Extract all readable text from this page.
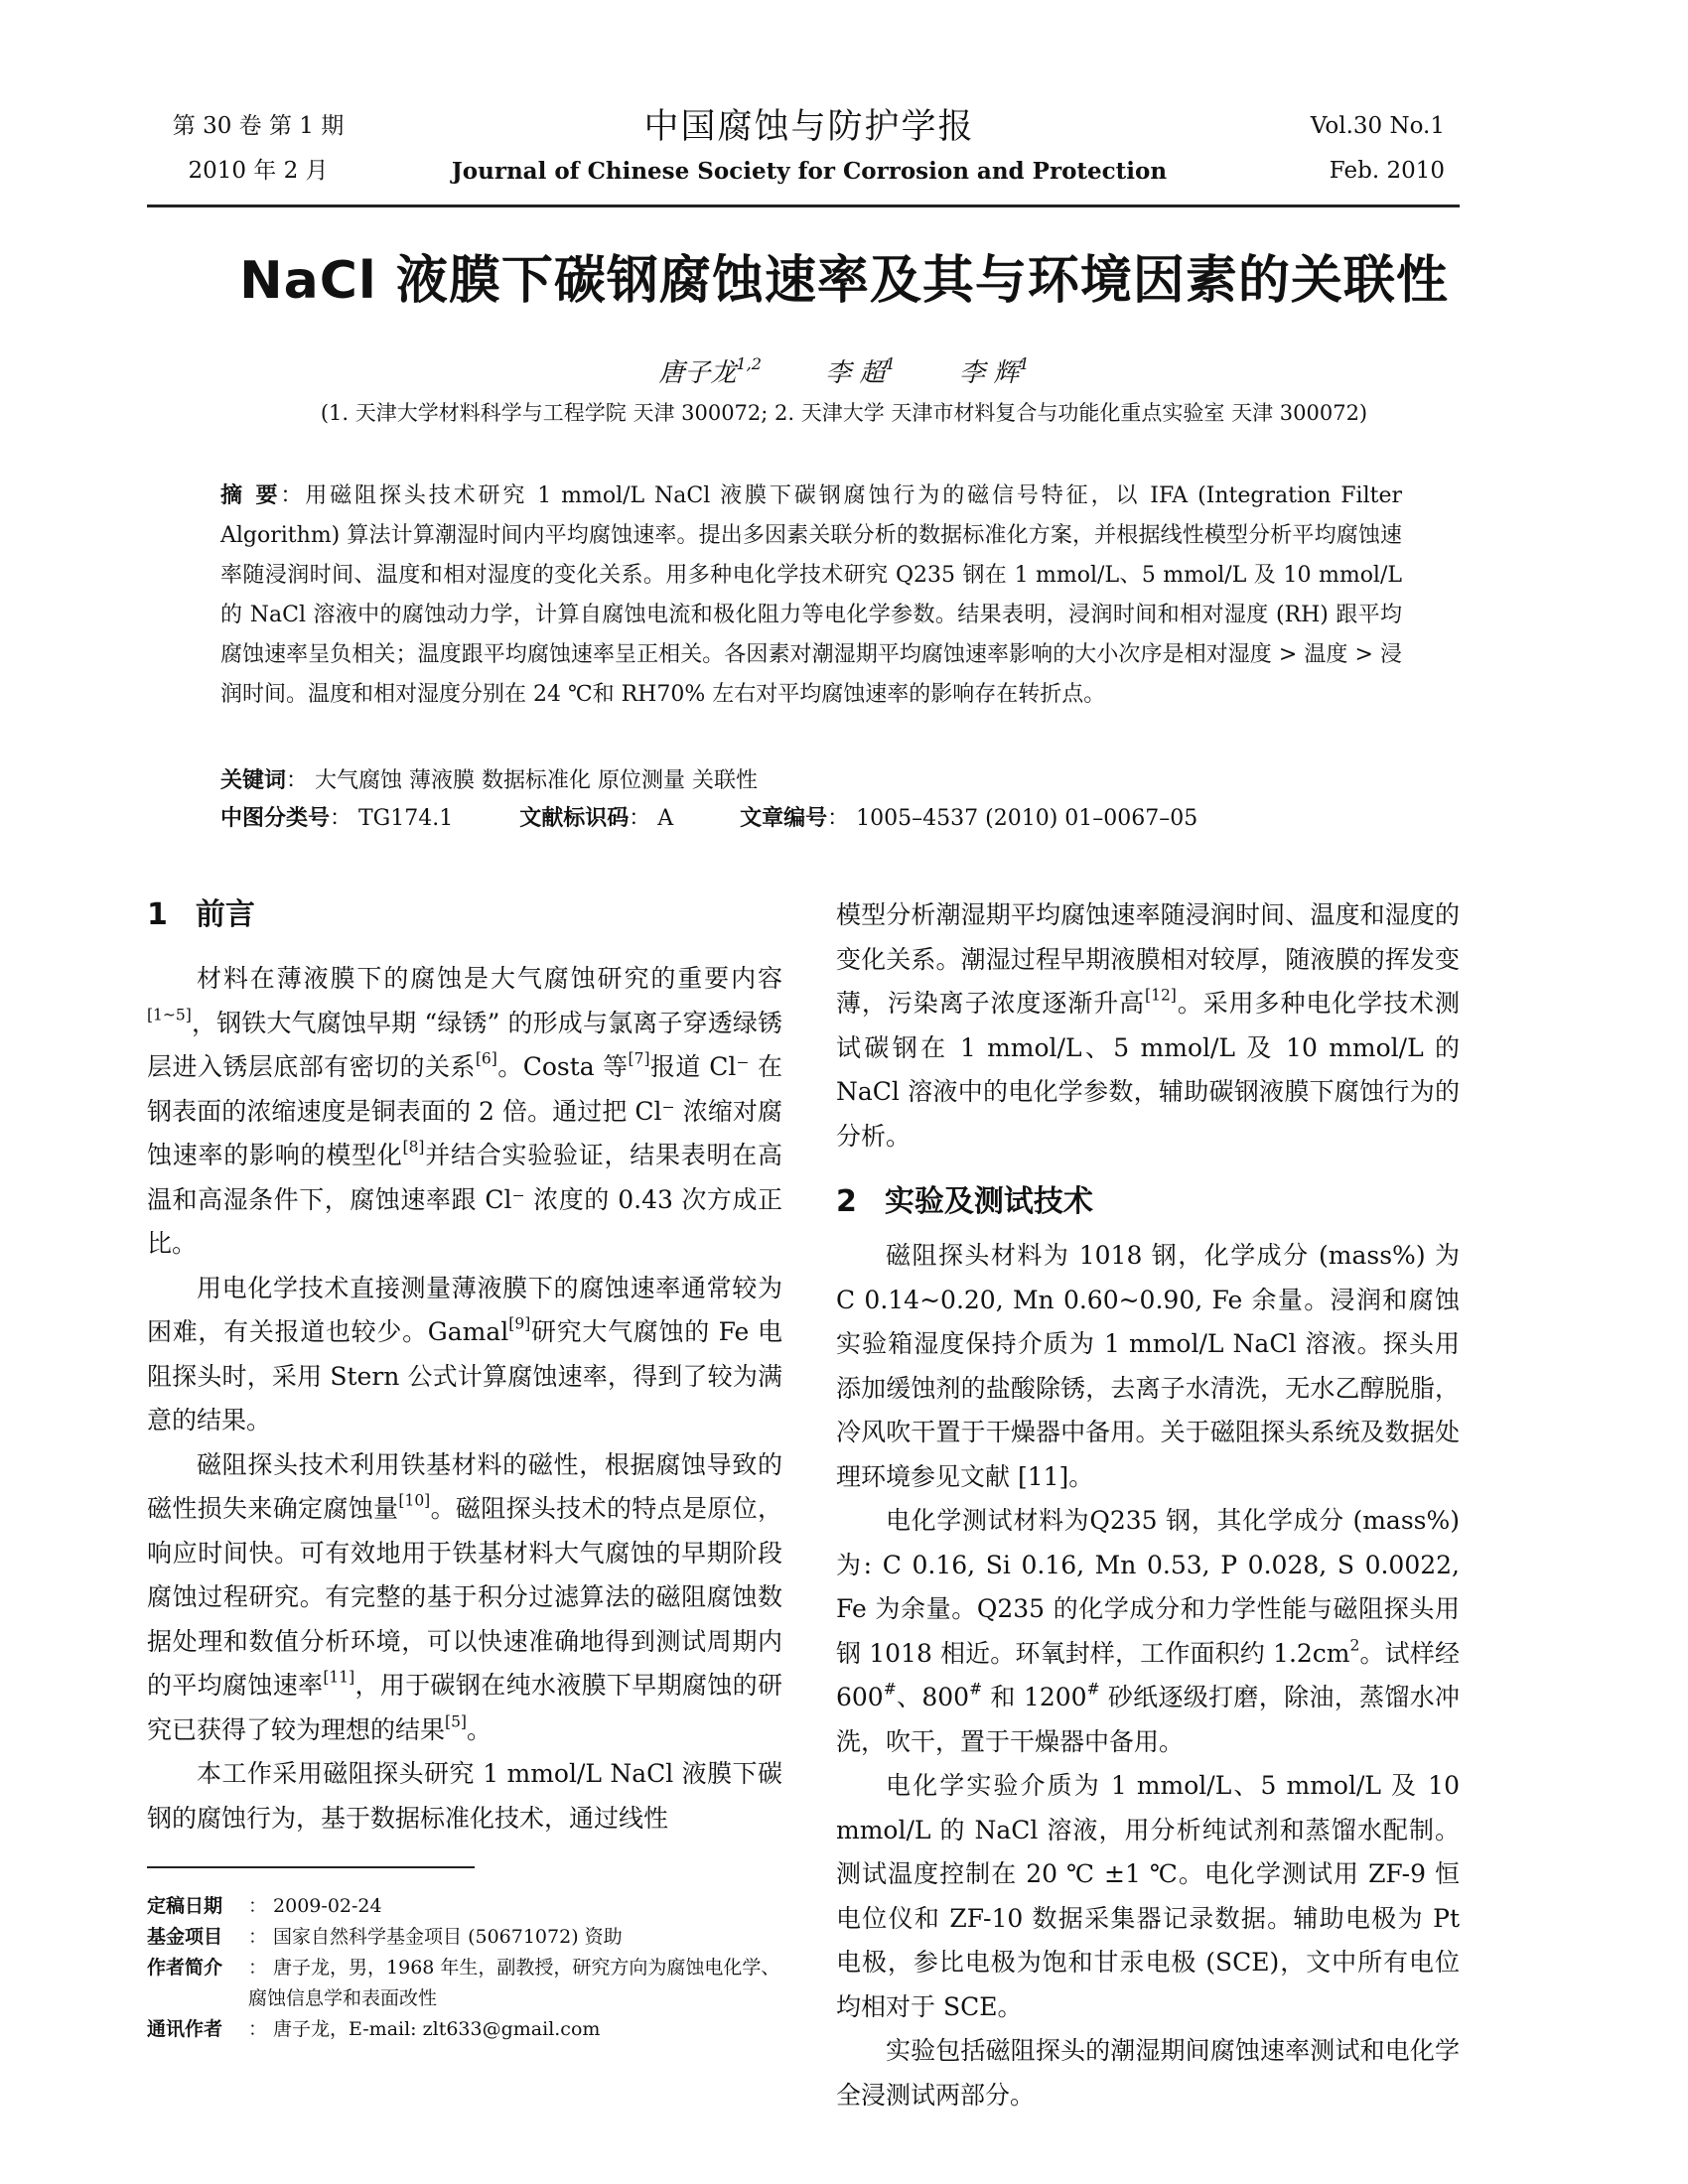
第 30 卷 第 1 期
2010 年 2 月
中国腐蚀与防护学报
Journal of Chinese Society for Corrosion and Protection
Vol.30 No.1
Feb. 2010
NaCl 液膜下碳钢腐蚀速率及其与环境因素的关联性
唐子龙$^{1,2}$ 李 超$^1$ 李 辉$^1$
(1. 天津大学材料科学与工程学院 天津 300072; 2. 天津大学 天津市材料复合与功能化重点实验室 天津 300072)
摘 要：用磁阻探头技术研究 1 mmol/L NaCl 液膜下碳钢腐蚀行为的磁信号特征，以 IFA (Integration Filter Algorithm) 算法计算潮湿时间内平均腐蚀速率。提出多因素关联分析的数据标准化方案，并根据线性模型分析平均腐蚀速率随浸润时间、温度和相对湿度的变化关系。用多种电化学技术研究 Q235 钢在 1 mmol/L、5 mmol/L 及 10 mmol/L 的 NaCl 溶液中的腐蚀动力学，计算自腐蚀电流和极化阻力等电化学参数。结果表明，浸润时间和相对湿度 (RH) 跟平均腐蚀速率呈负相关；温度跟平均腐蚀速率呈正相关。各因素对潮湿期平均腐蚀速率影响的大小次序是相对湿度 > 温度 > 浸润时间。温度和相对湿度分别在 24 ℃和 RH70% 左右对平均腐蚀速率的影响存在转折点。
关键词： 大气腐蚀 薄液膜 数据标准化 原位测量 关联性
中图分类号： TG174.1	文献标识码： A	文章编号： 1005–4537 (2010) 01–0067–05
1 前言

材料在薄液膜下的腐蚀是大气腐蚀研究的重要内容[1~5]，钢铁大气腐蚀早期 “绿锈” 的形成与氯离子穿透绿锈层进入锈层底部有密切的关系[6]。Costa 等[7]报道 Cl⁻ 在钢表面的浓缩速度是铜表面的 2 倍。通过把 Cl⁻ 浓缩对腐蚀速率的影响的模型化[8]并结合实验验证，结果表明在高温和高湿条件下，腐蚀速率跟 Cl⁻ 浓度的 0.43 次方成正比。

用电化学技术直接测量薄液膜下的腐蚀速率通常较为困难，有关报道也较少。Gamal[9]研究大气腐蚀的 Fe 电阻探头时，采用 Stern 公式计算腐蚀速率，得到了较为满意的结果。

磁阻探头技术利用铁基材料的磁性，根据腐蚀导致的磁性损失来确定腐蚀量[10]。磁阻探头技术的特点是原位，响应时间快。可有效地用于铁基材料大气腐蚀的早期阶段腐蚀过程研究。有完整的基于积分过滤算法的磁阻腐蚀数据处理和数值分析环境，可以快速准确地得到测试周期内的平均腐蚀速率[11]，用于碳钢在纯水液膜下早期腐蚀的研究已获得了较为理想的结果[5]。

本工作采用磁阻探头研究 1 mmol/L NaCl 液膜下碳钢的腐蚀行为，基于数据标准化技术，通过线性

模型分析潮湿期平均腐蚀速率随浸润时间、温度和湿度的变化关系。潮湿过程早期液膜相对较厚，随液膜的挥发变薄，污染离子浓度逐渐升高[12]。采用多种电化学技术测试碳钢在 1 mmol/L、5 mmol/L 及 10 mmol/L 的 NaCl 溶液中的电化学参数，辅助碳钢液膜下腐蚀行为的分析。

2 实验及测试技术

磁阻探头材料为 1018 钢，化学成分 (mass%) 为 C 0.14~0.20, Mn 0.60~0.90, Fe 余量。浸润和腐蚀实验箱湿度保持介质为 1 mmol/L NaCl 溶液。探头用添加缓蚀剂的盐酸除锈，去离子水清洗，无水乙醇脱脂，冷风吹干置于干燥器中备用。关于磁阻探头系统及数据处理环境参见文献 [11]。

电化学测试材料为Q235 钢，其化学成分 (mass%) 为: C 0.16, Si 0.16, Mn 0.53, P 0.028, S 0.0022, Fe 为余量。Q235 的化学成分和力学性能与磁阻探头用钢 1018 相近。环氧封样，工作面积约 $1.2cm^2$。试样经 600#、800# 和 1200# 砂纸逐级打磨，除油，蒸馏水冲洗，吹干，置于干燥器中备用。

电化学实验介质为 1 mmol/L、5 mmol/L 及 10 mmol/L 的 NaCl 溶液，用分析纯试剂和蒸馏水配制。测试温度控制在 20 ℃ ±1 ℃。电化学测试用 ZF-9 恒电位仪和 ZF-10 数据采集器记录数据。辅助电极为 Pt 电极，参比电极为饱和甘汞电极 (SCE)，文中所有电位均相对于 SCE。

实验包括磁阻探头的潮湿期间腐蚀速率测试和电化学全浸测试两部分。

定稿日期	： 2009-02-24
基金项目	： 国家自然科学基金项目 (50671072) 资助
作者简介	： 唐子龙，男，1968 年生，副教授，研究方向为腐蚀电化学、腐蚀信息学和表面改性
通讯作者	： 唐子龙，E-mail: zlt633@gmail.com
